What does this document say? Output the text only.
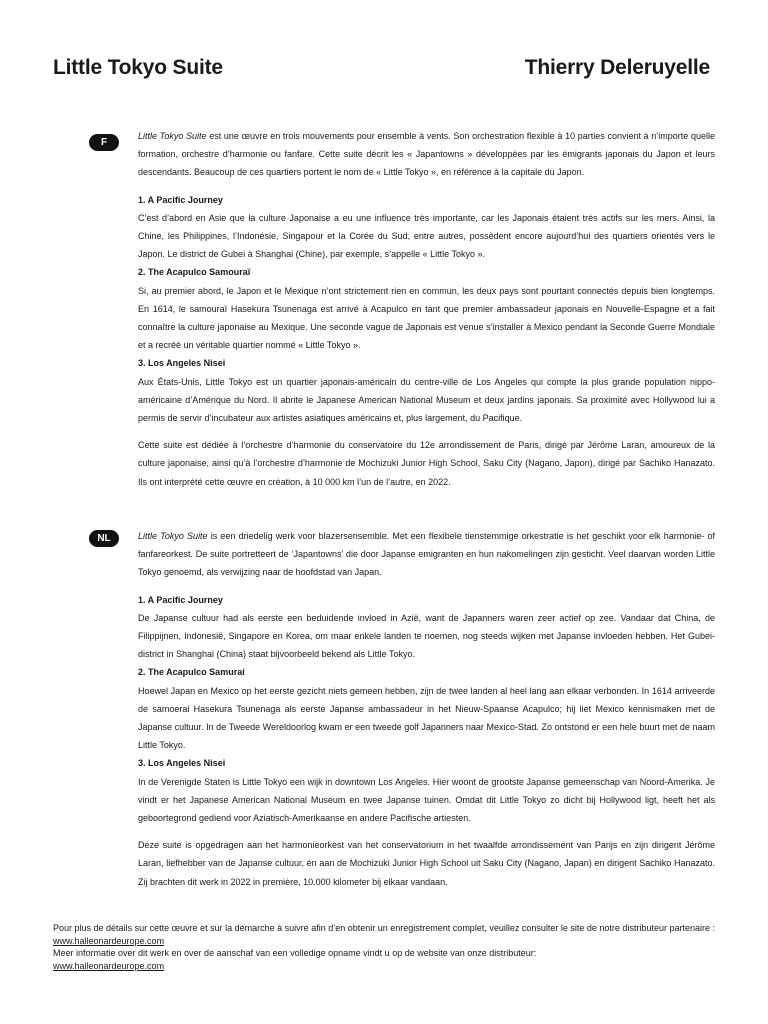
Little Tokyo Suite	Thierry Deleruyelle
F

Little Tokyo Suite est une œuvre en trois mouvements pour ensemble à vents. Son orchestration flexible à 10 parties convient à n’importe quelle formation, orchestre d’harmonie ou fanfare. Cette suite décrit les « Japantowns » développées par les émigrants japonais du Japon et leurs descendants. Beaucoup de ces quartiers portent le nom de « Little Tokyo », en référence à la capitale du Japon.

1. A Pacific Journey

C’est d’abord en Asie que la culture Japonaise a eu une influence très importante, car les Japonais étaient très actifs sur les mers. Ainsi, la Chine, les Philippines, l’Indonésie, Singapour et la Corée du Sud, entre autres, possèdent encore aujourd’hui des quartiers orientés vers le Japon. Le district de Gubei à Shanghai (Chine), par exemple, s’appelle « Little Tokyo ».

2. The Acapulco Samouraï

Si, au premier abord, le Japon et le Mexique n’ont strictement rien en commun, les deux pays sont pourtant connectés depuis bien longtemps. En 1614, le samouraï Hasekura Tsunenaga est arrivé à Acapulco en tant que premier ambassadeur japonais en Nouvelle-Espagne et a fait connaître la culture japonaise au Mexique. Une seconde vague de Japonais est venue s’installer à Mexico pendant la Seconde Guerre Mondiale et a recréé un véritable quartier nommé « Little Tokyo ».

3. Los Angeles Nisei

Aux États-Unis, Little Tokyo est un quartier japonais-américain du centre-ville de Los Angeles qui compte la plus grande population nippo-américaine d’Amérique du Nord. Il abrite le Japanese American National Museum et deux jardins japonais. Sa proximité avec Hollywood lui a permis de servir d’incubateur aux artistes asiatiques américains et, plus largement, du Pacifique.

Cette suite est dédiée à l’orchestre d’harmonie du conservatoire du 12e arrondissement de Paris, dirigé par Jérôme Laran, amoureux de la culture japonaise, ainsi qu’à l’orchestre d’harmonie de Mochizuki Junior High School, Saku City (Nagano, Japon), dirigé par Sachiko Hanazato. Ils ont interprété cette œuvre en création, à 10 000 km l’un de l’autre, en 2022.

NL	Little Tokyo Suite is een driedelig werk voor blazersensemble. Met een flexibele tienstemmige orkestratie is het geschikt voor elk harmonie- of fanfareorkest. De suite portretteert de ‘Japantowns’ die door Japanse emigranten en hun nakomelingen zijn gesticht. Veel daarvan worden Little Tokyo genoemd, als verwijzing naar de hoofdstad van Japan.

1. A Pacific Journey

De Japanse cultuur had als eerste een beduidende invloed in Azië, want de Japanners waren zeer actief op zee. Vandaar dat China, de Filippijnen, Indonesië, Singapore en Korea, om maar enkele landen te noemen, nog steeds wijken met Japanse invloeden hebben. Het Gubei-district in Shanghai (China) staat bijvoorbeeld bekend als Little Tokyo.

2. The Acapulco Samurai

Hoewel Japan en Mexico op het eerste gezicht niets gemeen hebben, zijn de twee landen al heel lang aan elkaar verbonden. In 1614 arriveerde de samoerai Hasekura Tsunenaga als eerste Japanse ambassadeur in het Nieuw-Spaanse Acapulco; hij liet Mexico kennismaken met de Japanse cultuur. In de Tweede Wereldoorlog kwam er een tweede golf Japanners naar Mexico-Stad. Zo ontstond er een hele buurt met de naam Little Tokyo.

3. Los Angeles Nisei

In de Verenigde Staten is Little Tokyo een wijk in downtown Los Angeles. Hier woont de grootste Japanse gemeenschap van Noord-Amerika. Je vindt er het Japanese American National Museum en twee Japanse tuinen. Omdat dit Little Tokyo zo dicht bij Hollywood ligt, heeft het als geboortegrond gediend voor Aziatisch-Amerikaanse en andere Pacifische artiesten.

Deze suite is opgedragen aan het harmonieorkest van het conservatorium in het twaalfde arrondissement van Parijs en zijn dirigent Jérôme Laran, liefhebber van de Japanse cultuur, én aan de Mochizuki Junior High School uit Saku City (Nagano, Japan) en dirigent Sachiko Hanazato. Zij brachten dit werk in 2022 in première, 10.000 kilometer bij elkaar vandaan.

Pour plus de détails sur cette œuvre et sur la démarche à suivre afin d’en obtenir un enregistrement complet, veuillez consulter le site de notre distributeur partenaire : www.halleonardeurope.com

Meer informatie over dit werk en over de aanschaf van een volledige opname vindt u op de website van onze distributeur:

www.halleonardeurope.com
